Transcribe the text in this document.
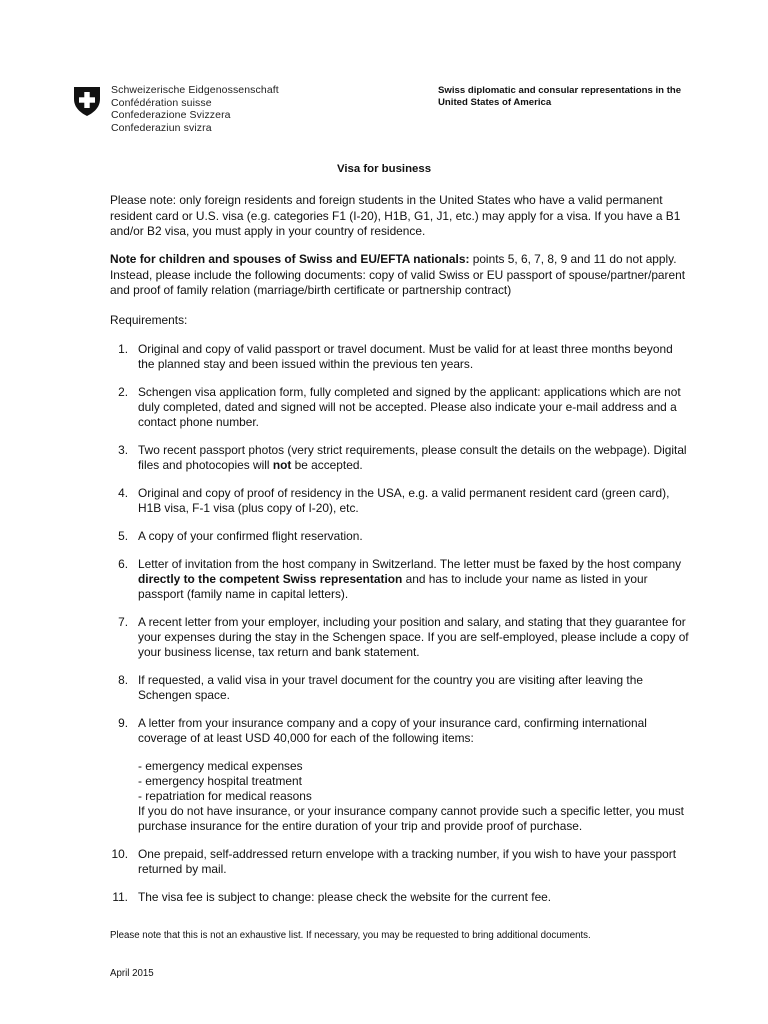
Schweizerische Eidgenossenschaft
Confédération suisse
Confederazione Svizzera
Confederaziun svizra
Swiss diplomatic and consular representations in the United States of America
Visa for business
Please note: only foreign residents and foreign students in the United States who have a valid permanent resident card or U.S. visa (e.g. categories F1 (I-20), H1B, G1, J1, etc.) may apply for a visa. If you have a B1 and/or B2 visa, you must apply in your country of residence.
Note for children and spouses of Swiss and EU/EFTA nationals: points 5, 6, 7, 8, 9 and 11 do not apply. Instead, please include the following documents: copy of valid Swiss or EU passport of spouse/partner/parent and proof of family relation (marriage/birth certificate or partnership contract)
Requirements:
1. Original and copy of valid passport or travel document. Must be valid for at least three months beyond the planned stay and been issued within the previous ten years.

2. Schengen visa application form, fully completed and signed by the applicant: applications which are not duly completed, dated and signed will not be accepted. Please also indicate your e-mail address and a contact phone number.

3. Two recent passport photos (very strict requirements, please consult the details on the webpage). Digital files and photocopies will not be accepted.

4. Original and copy of proof of residency in the USA, e.g. a valid permanent resident card (green card), H1B visa, F-1 visa (plus copy of I-20), etc.

5. A copy of your confirmed flight reservation.

6. Letter of invitation from the host company in Switzerland. The letter must be faxed by the host company directly to the competent Swiss representation and has to include your name as listed in your passport (family name in capital letters).

7. A recent letter from your employer, including your position and salary, and stating that they guarantee for your expenses during the stay in the Schengen space. If you are self-employed, please include a copy of your business license, tax return and bank statement.

8. If requested, a valid visa in your travel document for the country you are visiting after leaving the Schengen space.

9. A letter from your insurance company and a copy of your insurance card, confirming international coverage of at least USD 40,000 for each of the following items:

- emergency medical expenses
- emergency hospital treatment
- repatriation for medical reasons

If you do not have insurance, or your insurance company cannot provide such a specific letter, you must purchase insurance for the entire duration of your trip and provide proof of purchase.

10. One prepaid, self-addressed return envelope with a tracking number, if you wish to have your passport returned by mail.

11. The visa fee is subject to change: please check the website for the current fee.

Please note that this is not an exhaustive list. If necessary, you may be requested to bring additional documents.
April 2015
